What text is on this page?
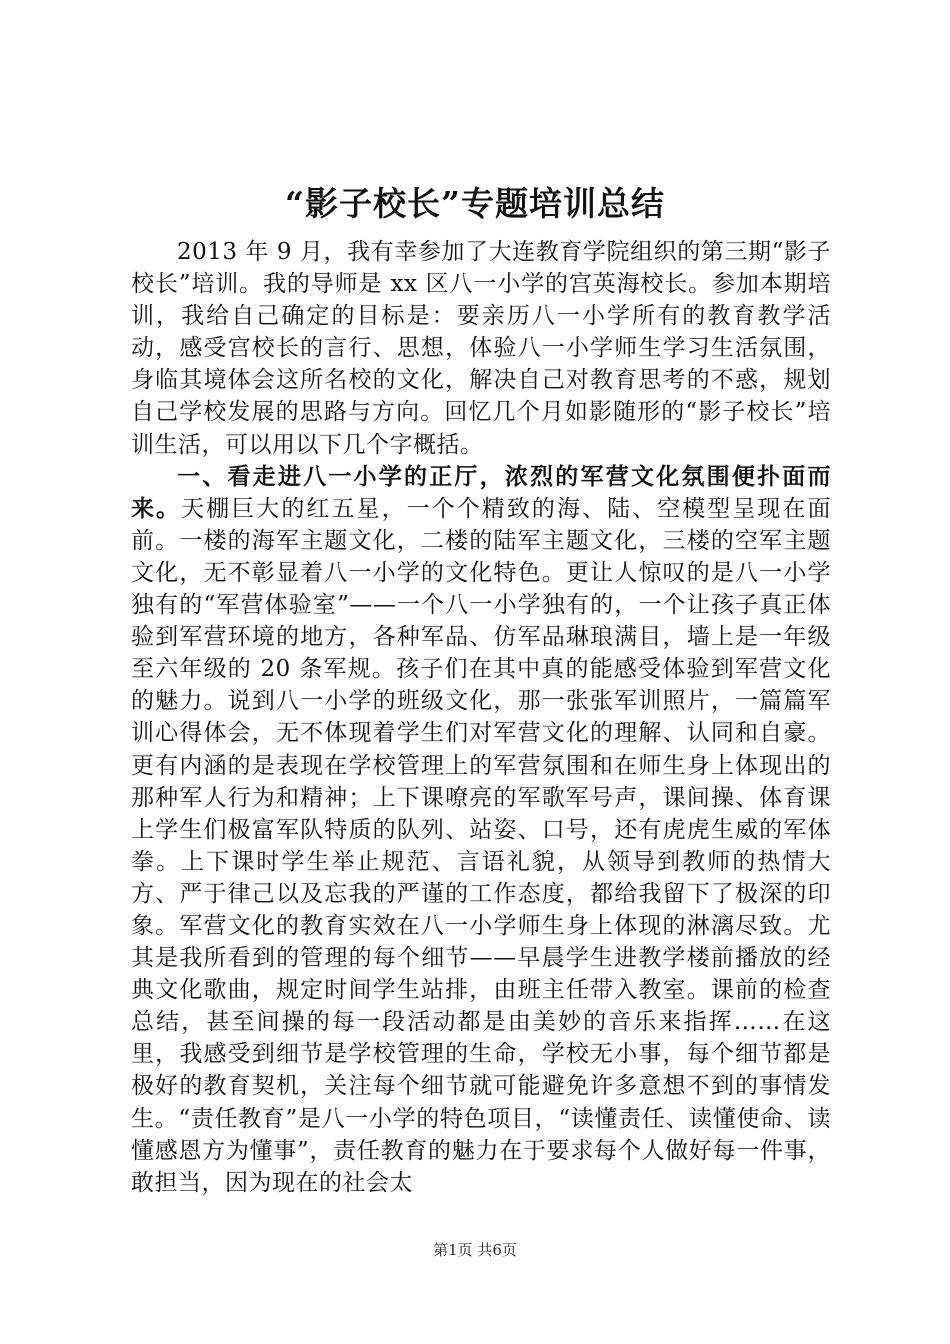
“影子校长”专题培训总结

2013 年 9 月，我有幸参加了大连教育学院组织的第三期“影子校长”培训。我的导师是 xx 区八一小学的宫英海校长。参加本期培训，我给自己确定的目标是：要亲历八一小学所有的教育教学活动，感受宫校长的言行、思想，体验八一小学师生学习生活氛围，身临其境体会这所名校的文化，解决自己对教育思考的不惑，规划自己学校发展的思路与方向。回忆几个月如影随形的“影子校长”培训生活，可以用以下几个字概括。

一、看走进八一小学的正厅，浓烈的军营文化氛围便扑面而来。天棚巨大的红五星，一个个精致的海、陆、空模型呈现在面前。一楼的海军主题文化，二楼的陆军主题文化，三楼的空军主题文化，无不彰显着八一小学的文化特色。更让人惊叹的是八一小学独有的“军营体验室”——一个八一小学独有的，一个让孩子真正体验到军营环境的地方，各种军品、仿军品琳琅满目，墙上是一年级至六年级的 20 条军规。孩子们在其中真的能感受体验到军营文化的魅力。说到八一小学的班级文化，那一张张军训照片，一篇篇军训心得体会，无不体现着学生们对军营文化的理解、认同和自豪。更有内涵的是表现在学校管理上的军营氛围和在师生身上体现出的那种军人行为和精神；上下课嘹亮的军歌军号声，课间操、体育课上学生们极富军队特质的队列、站姿、口号，还有虎虎生威的军体拳。上下课时学生举止规范、言语礼貌，从领导到教师的热情大方、严于律己以及忘我的严谨的工作态度，都给我留下了极深的印象。军营文化的教育实效在八一小学师生身上体现的淋漓尽致。尤其是我所看到的管理的每个细节——早晨学生进教学楼前播放的经典文化歌曲，规定时间学生站排，由班主任带入教室。课前的检查总结，甚至间操的每一段活动都是由美妙的音乐来指挥……在这里，我感受到细节是学校管理的生命，学校无小事，每个细节都是极好的教育契机，关注每个细节就可能避免许多意想不到的事情发生。“责任教育”是八一小学的特色项目，“读懂责任、读懂使命、读懂感恩方为懂事”，责任教育的魅力在于要求每个人做好每一件事，敢担当，因为现在的社会太

第1页 共6页
